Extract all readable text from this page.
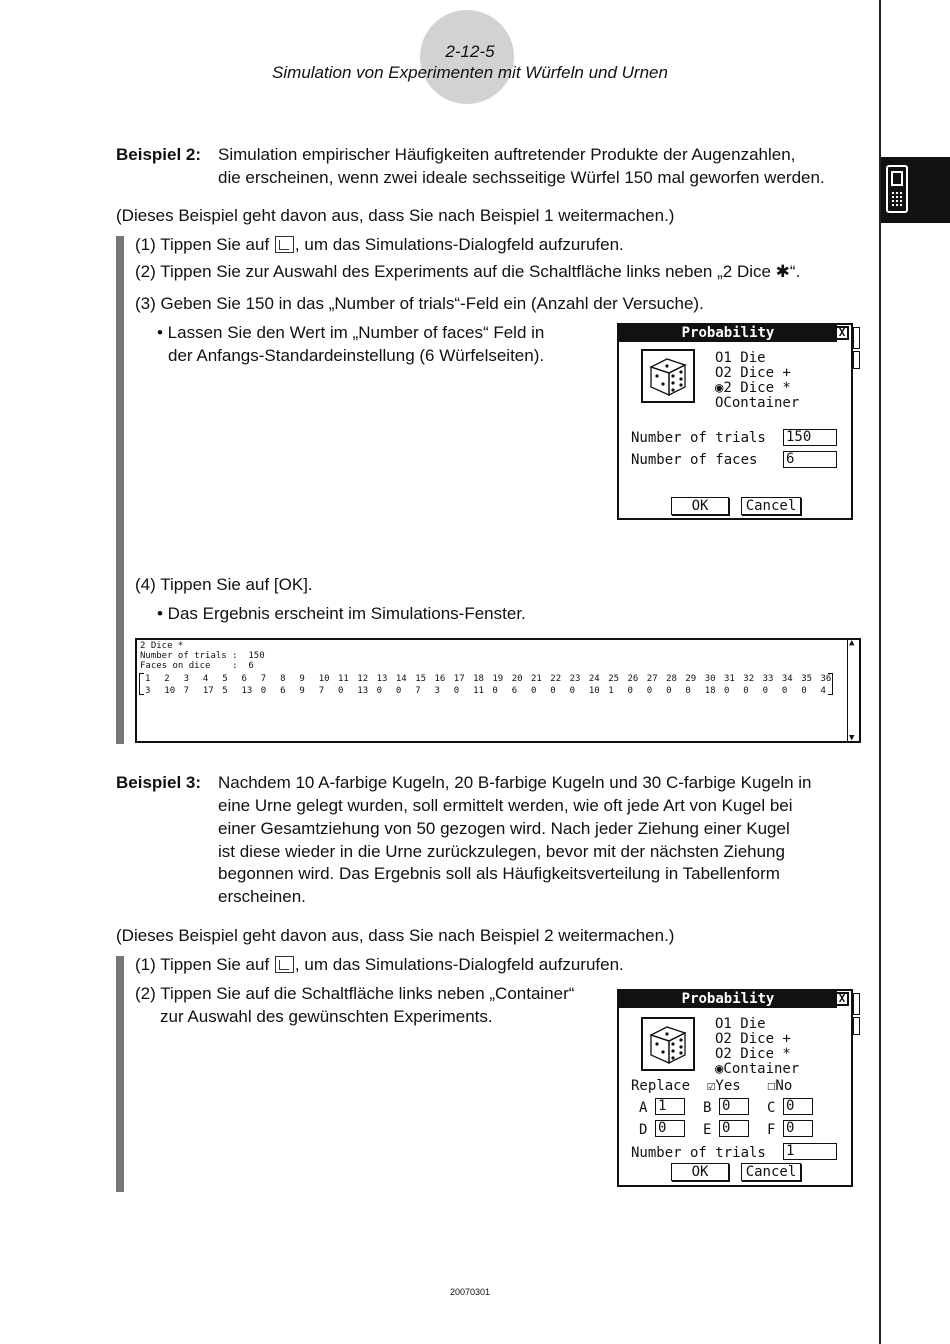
2-12-5
Simulation von Experimenten mit Würfeln und Urnen
Beispiel 2: Simulation empirischer Häufigkeiten auftretender Produkte der Augenzahlen,
die erscheinen, wenn zwei ideale sechsseitige Würfel 150 mal geworfen werden.
(Dieses Beispiel geht davon aus, dass Sie nach Beispiel 1 weitermachen.)
(1) Tippen Sie auf , um das Simulations-Dialogfeld aufzurufen.
(2) Tippen Sie zur Auswahl des Experiments auf die Schaltfläche links neben „2 Dice ✱“.
(3) Geben Sie 150 in das „Number of trials“-Feld ein (Anzahl der Versuche).
• Lassen Sie den Wert im „Number of faces“ Feld in
der Anfangs-Standardeinstellung (6 Würfelseiten).
Probability	X
O1 Die
O2 Dice +
◉2 Dice *
OContainer
Number of trials 150
Number of faces 6
OK	Cancel
(4) Tippen Sie auf [OK].
• Das Ergebnis erscheint im Simulations-Fenster.
2 Dice *
Number of trials :  150
Faces on dice    :  6
1 2 3 4 5 6 7 8 9 10 11 12 13 14 15 16 17 18 19 20 21 22 23 24 25 26 27 28 29 30 31 32 33 34 35 36
3 10 7 17 5 13 0 6 9 7 0 13 0 0 7 3 0 11 0 6 0 0 0 10 1 0 0 0 0 18 0 0 0 0 0 4
▲ ▼
Beispiel 3: Nachdem 10 A-farbige Kugeln, 20 B-farbige Kugeln und 30 C-farbige Kugeln in
eine Urne gelegt wurden, soll ermittelt werden, wie oft jede Art von Kugel bei
einer Gesamtziehung von 50 gezogen wird. Nach jeder Ziehung einer Kugel
ist diese wieder in die Urne zurückzulegen, bevor mit der nächsten Ziehung
begonnen wird. Das Ergebnis soll als Häufigkeitsverteilung in Tabellenform
erscheinen.
(Dieses Beispiel geht davon aus, dass Sie nach Beispiel 2 weitermachen.)
(1) Tippen Sie auf , um das Simulations-Dialogfeld aufzurufen.
(2) Tippen Sie auf die Schaltfläche links neben „Container“
zur Auswahl des gewünschten Experiments.
Probability	X
O1 Die
O2 Dice +
O2 Dice *
◉Container
Replace ☑Yes ☐No
A 1	B 0	C 0
D 0	E 0	F 0
Number of trials 1
OK	Cancel
20070301
